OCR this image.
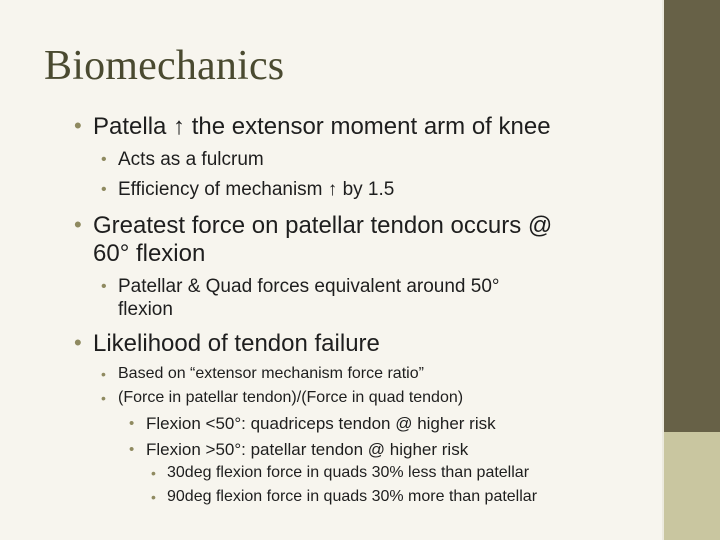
Biomechanics
• Patella ↑ the extensor moment arm of knee
• Acts as a fulcrum
• Efficiency of mechanism ↑ by 1.5
• Greatest force on patellar tendon occurs @
60° flexion
• Patellar & Quad forces equivalent around 50°
flexion
• Likelihood of tendon failure
• Based on “extensor mechanism force ratio”
• (Force in patellar tendon)/(Force in quad tendon)
• Flexion <50°: quadriceps tendon @ higher risk
• Flexion >50°: patellar tendon @ higher risk
• 30deg flexion force in quads 30% less than patellar
• 90deg flexion force in quads 30% more than patellar
